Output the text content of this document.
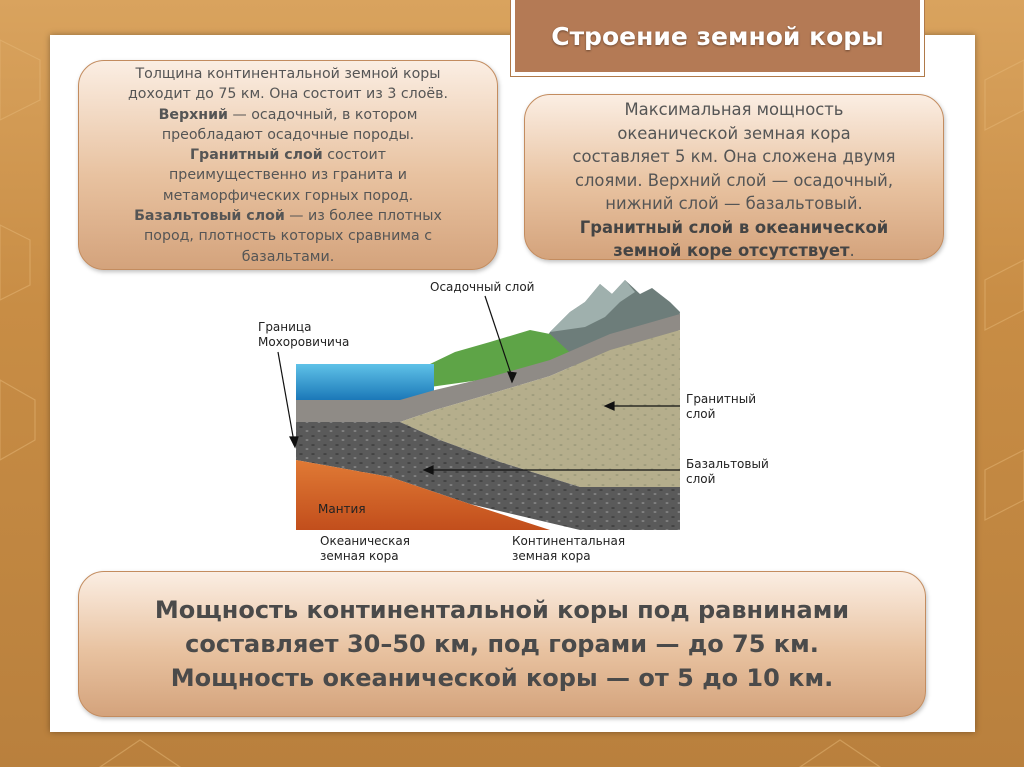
Строение земной коры
Толщина континентальной земной коры
доходит до 75 км. Она состоит из 3 слоёв.
Верхний — осадочный, в котором
преобладают осадочные породы.
Гранитный слой состоит
преимущественно из гранита и
метаморфических горных пород.
Базальтовый слой — из более плотных
пород, плотность которых сравнима с
базальтами.
Максимальная мощность
океанической земная кора
составляет 5 км. Она сложена двумя
слоями. Верхний слой — осадочный,
нижний слой — базальтовый.
Гранитный слой в океанической
земной коре отсутствует.
Осадочный слой
Граница
Мохоровичича
Гранитный
слой
Базальтовый
слой
Мантия
Океаническая
земная кора
Континентальная
земная кора
Мощность континентальной коры под равнинами
составляет 30–50 км, под горами — до 75 км.
Мощность океанической коры — от 5 до 10 км.
